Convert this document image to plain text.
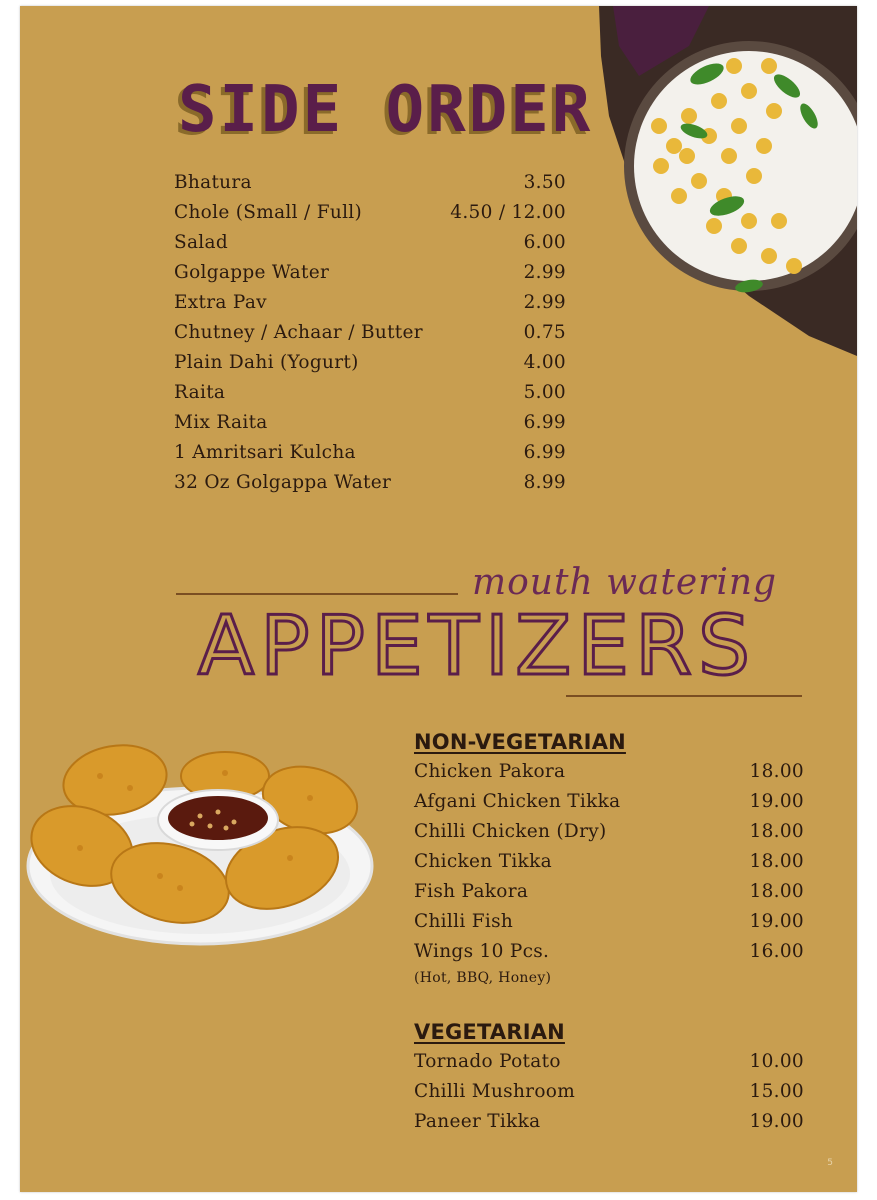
SIDE ORDER
Bhatura	3.50
Chole (Small / Full)	4.50 / 12.00
Salad	6.00
Golgappe Water	2.99
Extra Pav	2.99
Chutney / Achaar / Butter	0.75
Plain Dahi (Yogurt)	4.00
Raita	5.00
Mix Raita	6.99
1 Amritsari Kulcha	6.99
32 Oz Golgappa Water	8.99
mouth watering
APPETIZERS
NON-VEGETARIAN
Chicken Pakora	18.00
Afgani Chicken Tikka	19.00
Chilli Chicken (Dry)	18.00
Chicken Tikka	18.00
Fish Pakora	18.00
Chilli Fish	19.00
Wings 10 Pcs.	16.00
(Hot, BBQ, Honey)
VEGETARIAN
Tornado Potato	10.00
Chilli Mushroom	15.00
Paneer Tikka	19.00
5
